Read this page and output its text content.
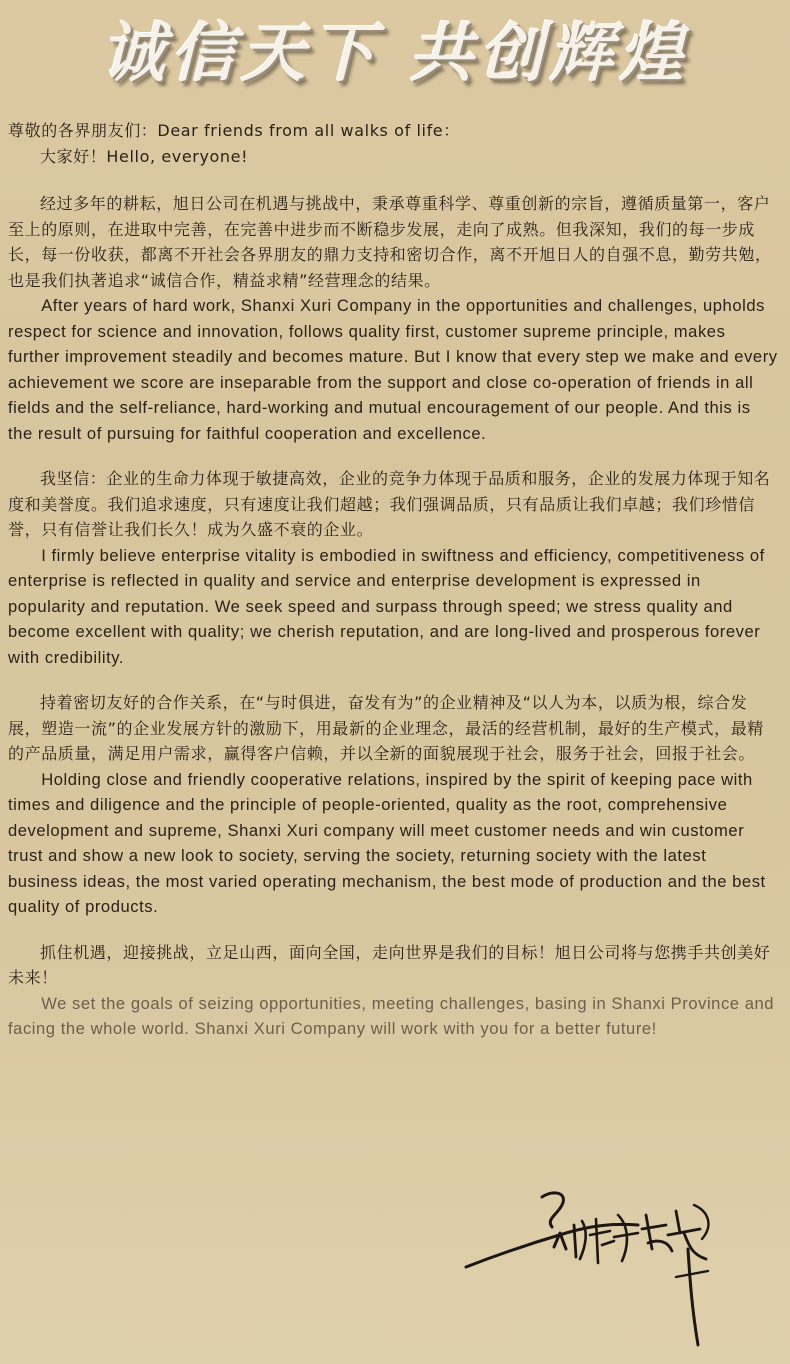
诚信天下 共创辉煌

尊敬的各界朋友们：Dear friends from all walks of life：

大家好！Hello, everyone!

经过多年的耕耘，旭日公司在机遇与挑战中，秉承尊重科学、尊重创新的宗旨，遵循质量第一，客户至上的原则，在进取中完善，在完善中进步而不断稳步发展，走向了成熟。但我深知，我们的每一步成长，每一份收获，都离不开社会各界朋友的鼎力支持和密切合作，离不开旭日人的自强不息，勤劳共勉，也是我们执著追求“诚信合作，精益求精”经营理念的结果。

After years of hard work, Shanxi Xuri Company in the opportunities and challenges, upholds respect for science and innovation, follows quality first, customer supreme principle, makes further improvement steadily and becomes mature. But I know that every step we make and every achievement we score are inseparable from the support and close co-operation of friends in all fields and the self-reliance, hard-working and mutual encouragement of our people. And this is the result of pursuing for faithful cooperation and excellence.

我坚信：企业的生命力体现于敏捷高效，企业的竞争力体现于品质和服务，企业的发展力体现于知名度和美誉度。我们追求速度，只有速度让我们超越；我们强调品质，只有品质让我们卓越；我们珍惜信誉，只有信誉让我们长久！成为久盛不衰的企业。

I firmly believe enterprise vitality is embodied in swiftness and efficiency, competitiveness of enterprise is reflected in quality and service and enterprise development is expressed in popularity and reputation. We seek speed and surpass through speed; we stress quality and become excellent with quality; we cherish reputation, and are long-lived and prosperous forever with credibility.

持着密切友好的合作关系，在“与时俱进，奋发有为”的企业精神及“以人为本，以质为根，综合发展，塑造一流”的企业发展方针的激励下，用最新的企业理念，最活的经营机制，最好的生产模式，最精的产品质量，满足用户需求，赢得客户信赖，并以全新的面貌展现于社会，服务于社会，回报于社会。

Holding close and friendly cooperative relations, inspired by the spirit of keeping pace with times and diligence and the principle of people-oriented, quality as the root, comprehensive development and supreme, Shanxi Xuri company will meet customer needs and win customer trust and show a new look to society, serving the society, returning society with the latest business ideas, the most varied operating mechanism, the best mode of production and the best quality of products.

抓住机遇，迎接挑战，立足山西，面向全国，走向世界是我们的目标！旭日公司将与您携手共创美好未来！

We set the goals of seizing opportunities, meeting challenges, basing in Shanxi Province and facing the whole world. Shanxi Xuri Company will work with you for a better future!
